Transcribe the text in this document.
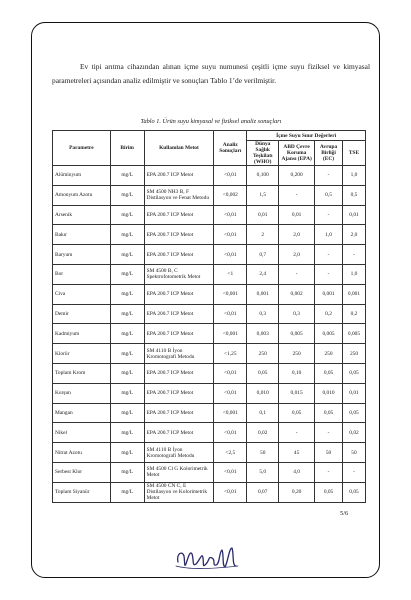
Ev tipi arıtma cihazından alınan içme suyu numunesi çeşitli içme suyu fiziksel ve kimyasal parametreleri açısından analiz edilmiştir ve sonuçları Tablo 1’de verilmiştir.

Tablo 1. Ürün suyu kimyasal ve fiziksel analiz sonuçları
Parametre	Birim	Kullanılan Metot	Analiz Sonuçları	İçme Suyu Sınır Değerleri			
				Dünya Sağlık Teşkilatı (WHO)	ABD Çevre Koruma Ajansı (EPA)	Avrupa Birliği (EC)	TSE
Alüminyum	mg/L	EPA 200.7 ICP Metot	<0,01	0,100	0,200	-	1,0
Amonyum Azotu	mg/L	SM 4500 NH3 B, F Distilasyon ve Fenat Metodu	<0,002	1,5	-	0,5	0,5
Arsenik	mg/L	EPA 200.7 ICP Metot	<0,01	0,01	0,01	-	0,01
Bakır	mg/L	EPA 200.7 ICP Metot	<0,01	2	2,0	1,0	2,0
Baryum	mg/L	EPA 200.7 ICP Metot	<0,01	0,7	2,0	-	-
Bor	mg/L	SM 4500 B, C Spektrofotometrik Metot	<1	2,4	-	-	1,0
Civa	mg/L	EPA 200.7 ICP Metot	<0,001	0,001	0,002	0,001	0,001
Demir	mg/L	EPA 200.7 ICP Metot	<0,01	0,3	0,3	0,2	0,2
Kadmiyum	mg/L	EPA 200.7 ICP Metot	<0,001	0,003	0,005	0,005	0,005
Klorür	mg/L	SM 4110 B İyon Kromotografi Metodu	<1,25	250	250	250	250
Toplam Krom	mg/L	EPA 200.7 ICP Metot	<0,01	0,05	0,10	0,05	0,05
Kurşun	mg/L	EPA 200.7 ICP Metot	<0,01	0,010	0,015	0,010	0,01
Mangan	mg/L	EPA 200.7 ICP Metot	<0,001	0,1	0,05	0,05	0,05
Nikel	mg/L	EPA 200.7 ICP Metot	<0,01	0,02	-	-	0,02
Nitrat Azotu	mg/L	SM 4110 B İyon Kromotografi Metodu	<2,5	50	45	50	50
Serbest Klor	mg/L	SM 4500 Cl G Kolorimetrik Metot	<0,01	5,0	4,0	-	-
Toplam Siyanür	mg/L	SM 4500 CN C, E Distilasyon ve Kolorimetrik Metot	<0,01	0,07	0,20	0,05	0,05
5/6
